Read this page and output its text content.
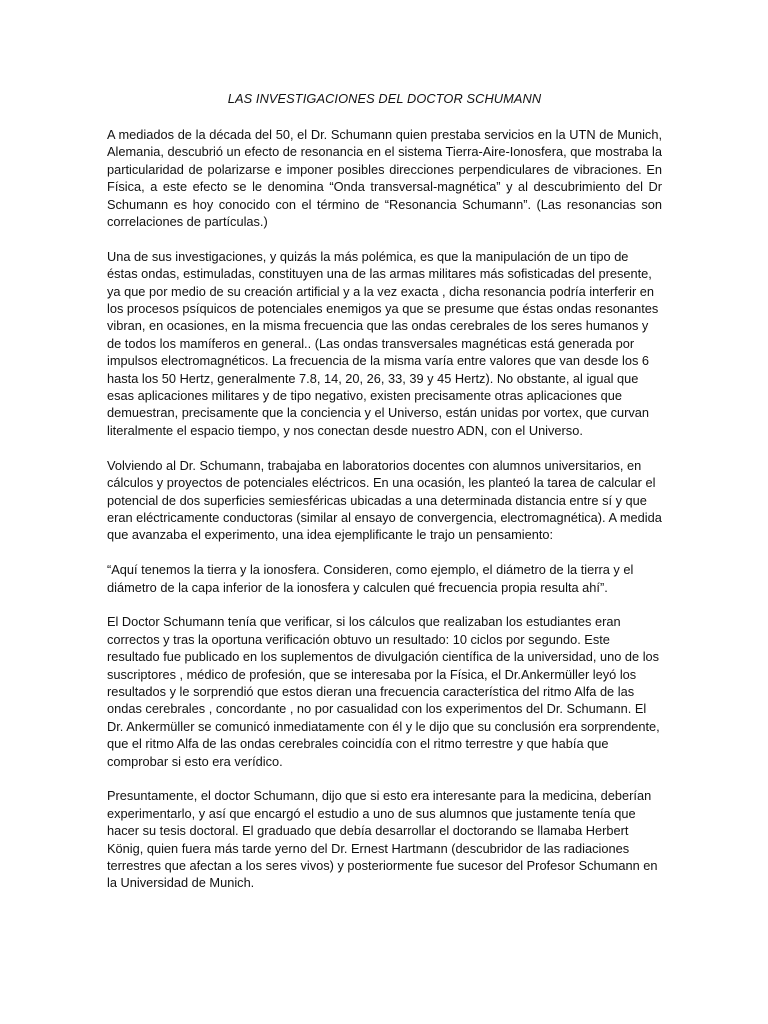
LAS INVESTIGACIONES DEL DOCTOR SCHUMANN

A mediados de la década del 50, el Dr. Schumann quien prestaba servicios en la UTN de Munich, Alemania, descubrió un efecto de resonancia en el sistema Tierra-Aire-Ionosfera, que mostraba la particularidad de polarizarse e imponer posibles direcciones perpendiculares de vibraciones. En Física, a este efecto se le denomina “Onda transversal-magnética” y al descubrimiento del Dr Schumann es hoy conocido con el término de “Resonancia Schumann”. (Las resonancias son correlaciones de partículas.)

Una de sus investigaciones, y quizás la más polémica, es que la manipulación de un tipo de éstas ondas, estimuladas, constituyen una de las armas militares más sofisticadas del presente, ya que por medio de su creación artificial y a la vez exacta , dicha resonancia podría interferir en los procesos psíquicos de potenciales enemigos ya que se presume que éstas ondas resonantes vibran, en ocasiones, en la misma frecuencia que las ondas cerebrales de los seres humanos y de todos los mamíferos en general.. (Las ondas transversales magnéticas está generada por impulsos electromagnéticos. La frecuencia de la misma varía entre valores que van desde los 6 hasta los 50 Hertz, generalmente 7.8, 14, 20, 26, 33, 39 y 45 Hertz). No obstante, al igual que esas aplicaciones militares y de tipo negativo, existen precisamente otras aplicaciones que demuestran, precisamente que la conciencia y el Universo, están unidas por vortex, que curvan literalmente el espacio tiempo, y nos conectan desde nuestro ADN, con el Universo.

Volviendo al Dr. Schumann, trabajaba en laboratorios docentes con alumnos universitarios, en cálculos y proyectos de potenciales eléctricos. En una ocasión, les planteó la tarea de calcular el potencial de dos superficies semiesféricas ubicadas a una determinada distancia entre sí y que eran eléctricamente conductoras (similar al ensayo de convergencia, electromagnética). A medida que avanzaba el experimento, una idea ejemplificante le trajo un pensamiento:

“Aquí tenemos la tierra y la ionosfera. Consideren, como ejemplo, el diámetro de la tierra y el diámetro de la capa inferior de la ionosfera y calculen qué frecuencia propia resulta ahí”.

El Doctor Schumann tenía que verificar, si los cálculos que realizaban los estudiantes eran correctos y tras la oportuna verificación obtuvo un resultado: 10 ciclos por segundo. Este resultado fue publicado en los suplementos de divulgación científica de la universidad, uno de los suscriptores , médico de profesión, que se interesaba por la Física, el Dr.Ankermüller leyó los resultados y le sorprendió que estos dieran una frecuencia característica del ritmo Alfa de las ondas cerebrales , concordante , no por casualidad con los experimentos del Dr. Schumann. El Dr. Ankermüller se comunicó inmediatamente con él y le dijo que su conclusión era sorprendente, que el ritmo Alfa de las ondas cerebrales coincidía con el ritmo terrestre y que había que comprobar si esto era verídico.

Presuntamente, el doctor Schumann, dijo que si esto era interesante para la medicina, deberían experimentarlo, y así que encargó el estudio a uno de sus alumnos que justamente tenía que hacer su tesis doctoral. El graduado que debía desarrollar el doctorando se llamaba Herbert König, quien fuera más tarde yerno del Dr. Ernest Hartmann (descubridor de las radiaciones terrestres que afectan a los seres vivos) y posteriormente fue sucesor del Profesor Schumann en la Universidad de Munich.
